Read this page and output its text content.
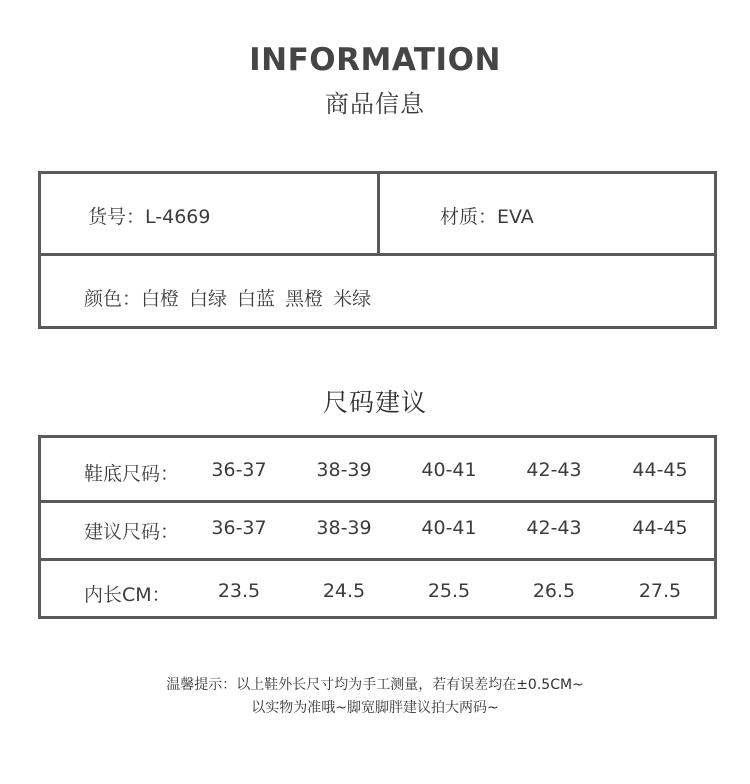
INFORMATION
商品信息
货号：L-4669	材质：EVA
颜色：白橙 白绿 白蓝 黑橙 米绿
尺码建议
鞋底尺码：	36-37	38-39	40-41	42-43	44-45
建议尺码：	36-37	38-39	40-41	42-43	44-45
内长CM：	23.5	24.5	25.5	26.5	27.5
温馨提示：以上鞋外长尺寸均为手工测量，若有误差均在±0.5CM~
以实物为准哦~脚宽脚胖建议拍大两码~
